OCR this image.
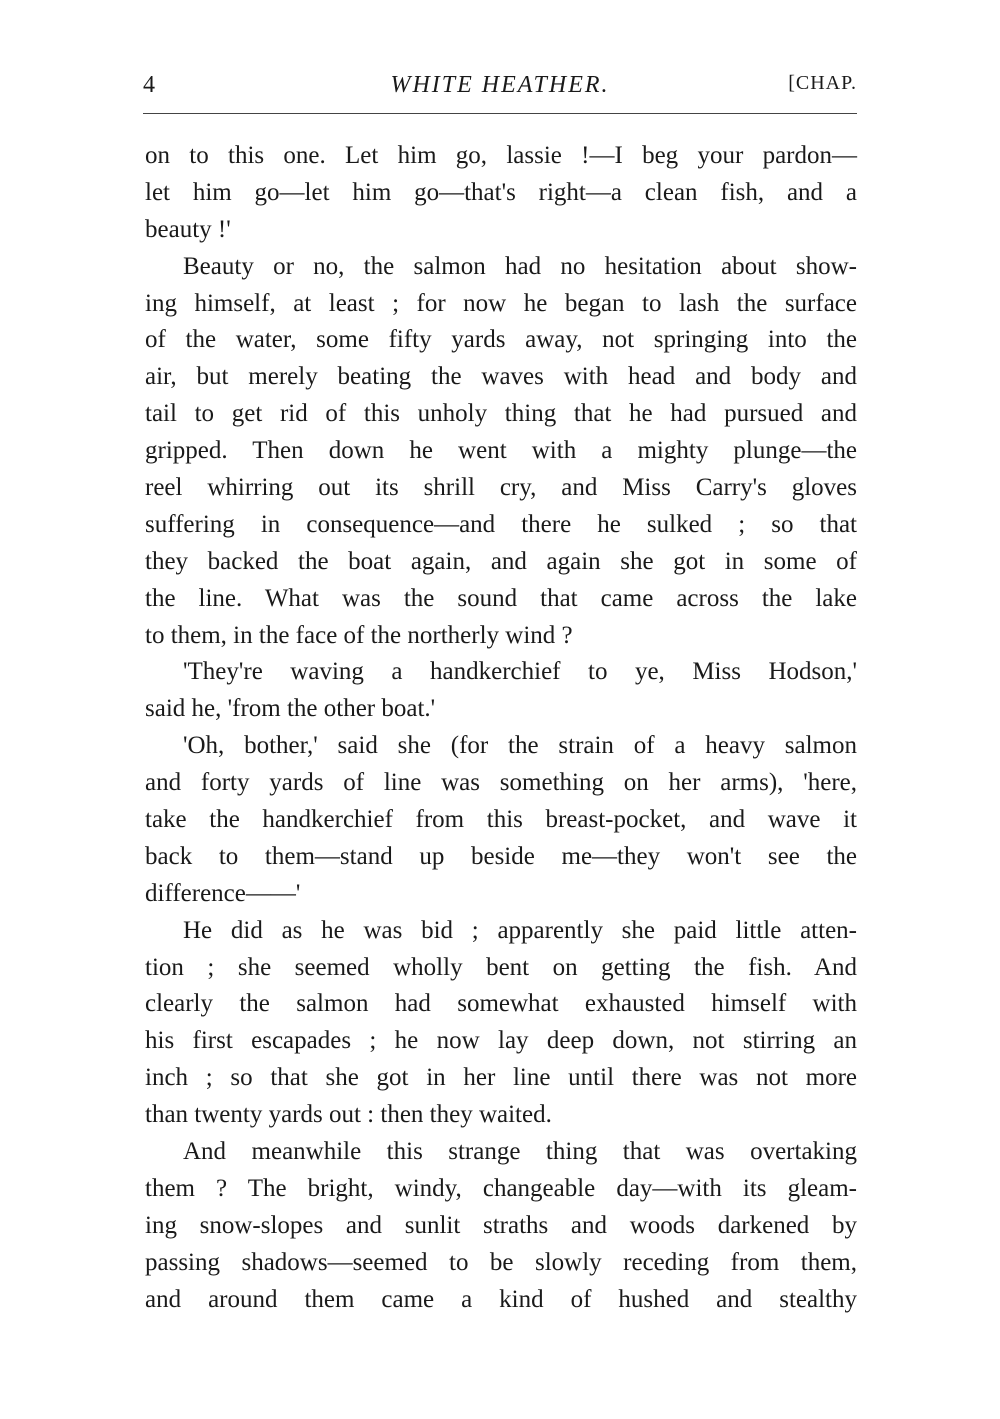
4	WHITE HEATHER.	[CHAP.
on to this one. Let him go, lassie !—I beg your pardon—
let him go—let him go—that's right—a clean fish, and a
beauty !'
Beauty or no, the salmon had no hesitation about show-
ing himself, at least ; for now he began to lash the surface
of the water, some fifty yards away, not springing into the
air, but merely beating the waves with head and body and
tail to get rid of this unholy thing that he had pursued and
gripped. Then down he went with a mighty plunge—the
reel whirring out its shrill cry, and Miss Carry's gloves
suffering in consequence—and there he sulked ; so that
they backed the boat again, and again she got in some of
the line. What was the sound that came across the lake
to them, in the face of the northerly wind ?
'They're waving a handkerchief to ye, Miss Hodson,'
said he, 'from the other boat.'
'Oh, bother,' said she (for the strain of a heavy salmon
and forty yards of line was something on her arms), 'here,
take the handkerchief from this breast-pocket, and wave it
back to them—stand up beside me—they won't see the
difference——'
He did as he was bid ; apparently she paid little atten-
tion ; she seemed wholly bent on getting the fish. And
clearly the salmon had somewhat exhausted himself with
his first escapades ; he now lay deep down, not stirring an
inch ; so that she got in her line until there was not more
than twenty yards out : then they waited.
And meanwhile this strange thing that was overtaking
them ? The bright, windy, changeable day—with its gleam-
ing snow-slopes and sunlit straths and woods darkened by
passing shadows—seemed to be slowly receding from them,
and around them came a kind of hushed and stealthy
